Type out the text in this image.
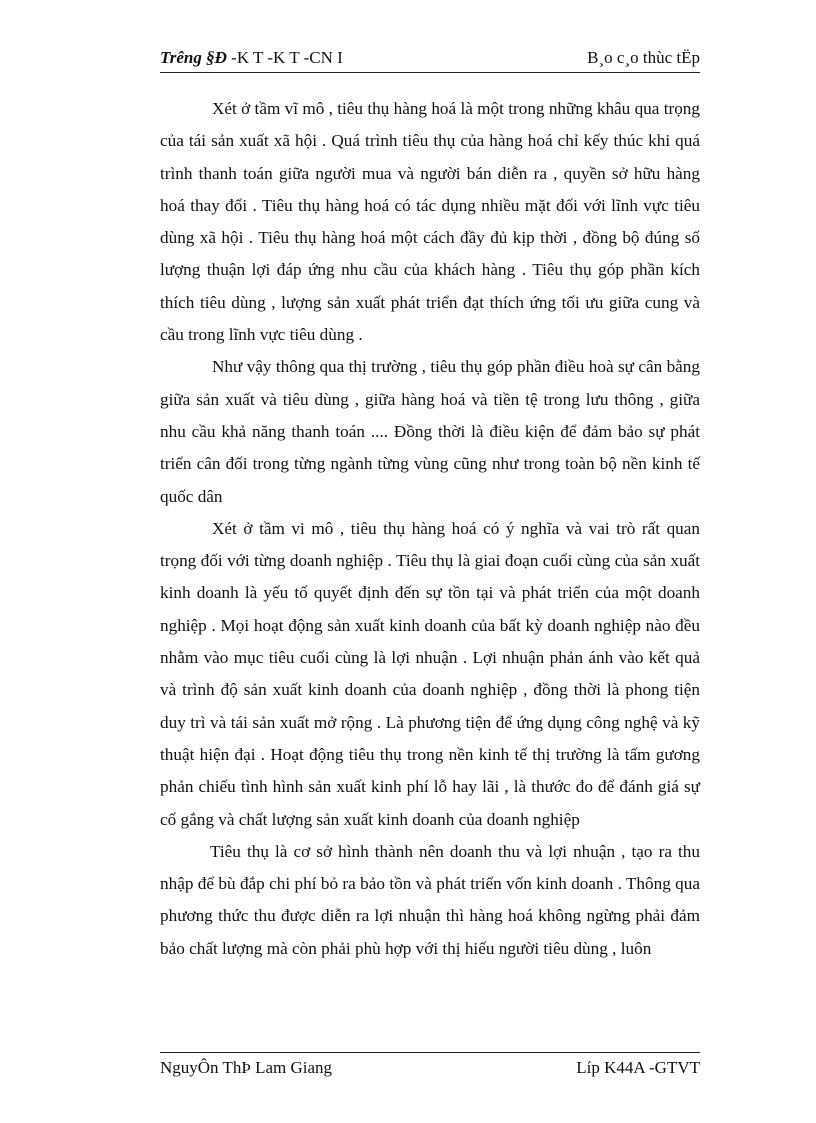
Trêng §Đ -K T -K T -CN I	B¸o c¸o thùc tËp

Xét ở tầm vĩ mô , tiêu thụ hàng hoá là một trong những khâu qua trọng của tái sản xuất xã hội . Quá trình tiêu thụ của hàng hoá chỉ kếy thúc khi quá trình thanh toán giữa người mua và người bán diễn ra , quyền sở hữu hàng hoá thay đổi . Tiêu thụ hàng hoá có tác dụng nhiều mặt đối với lĩnh vực tiêu dùng xã hội . Tiêu thụ hàng hoá một cách đầy đủ kịp thời , đồng bộ đúng số lượng thuận lợi đáp ứng nhu cầu của khách hàng . Tiêu thụ góp phần kích thích tiêu dùng , lượng sản xuất phát triển đạt thích ứng tối ưu giữa cung và cầu trong lĩnh vực tiêu dùng .

Như vậy thông qua thị trường , tiêu thụ góp phần điều hoà sự cân bằng giữa sản xuất và tiêu dùng , giữa hàng hoá và tiền tệ trong lưu thông , giữa nhu cầu khả năng thanh toán .... Đồng thời là điều kiện để đảm bảo sự phát triển cân đối trong từng ngành từng vùng cũng như trong toàn bộ nền kinh tế quốc dân

Xét ở tầm vi mô , tiêu thụ hàng hoá có ý nghĩa và vai trò rất quan trọng đối với từng doanh nghiệp . Tiêu thụ là giai đoạn cuối cùng của sản xuất kinh doanh là yếu tố quyết định đến sự tồn tại và phát triển của một doanh nghiệp . Mọi hoạt động sản xuất kinh doanh của bất kỳ doanh nghiệp nào đều nhằm vào mục tiêu cuối cùng là lợi nhuận . Lợi nhuận phản ánh vào kết quả và trình độ sản xuất kinh doanh của doanh nghiệp , đồng thời là phong tiện duy trì và tái sản xuất mở rộng . Là phương tiện để ứng dụng công nghệ và kỹ thuật hiện đại . Hoạt động tiêu thụ trong nền kinh tế thị trường là tấm gương phản chiếu tình hình sản xuất kinh phí lỗ hay lãi , là thước đo để đánh giá sự cố gắng và chất lượng sản xuất kinh doanh của doanh nghiệp

Tiêu thụ là cơ sở hình thành nên doanh thu và lợi nhuận , tạo ra thu nhập để bù đắp chi phí bỏ ra bảo tồn và phát triển vốn kinh doanh . Thông qua phương thức thu được diễn ra lợi nhuận thì hàng hoá không ngừng phải đảm bảo chất lượng mà còn phải phù hợp với thị hiếu người tiêu dùng , luôn

NguyÔn ThÞ Lam Giang	Líp K44A -GTVT
